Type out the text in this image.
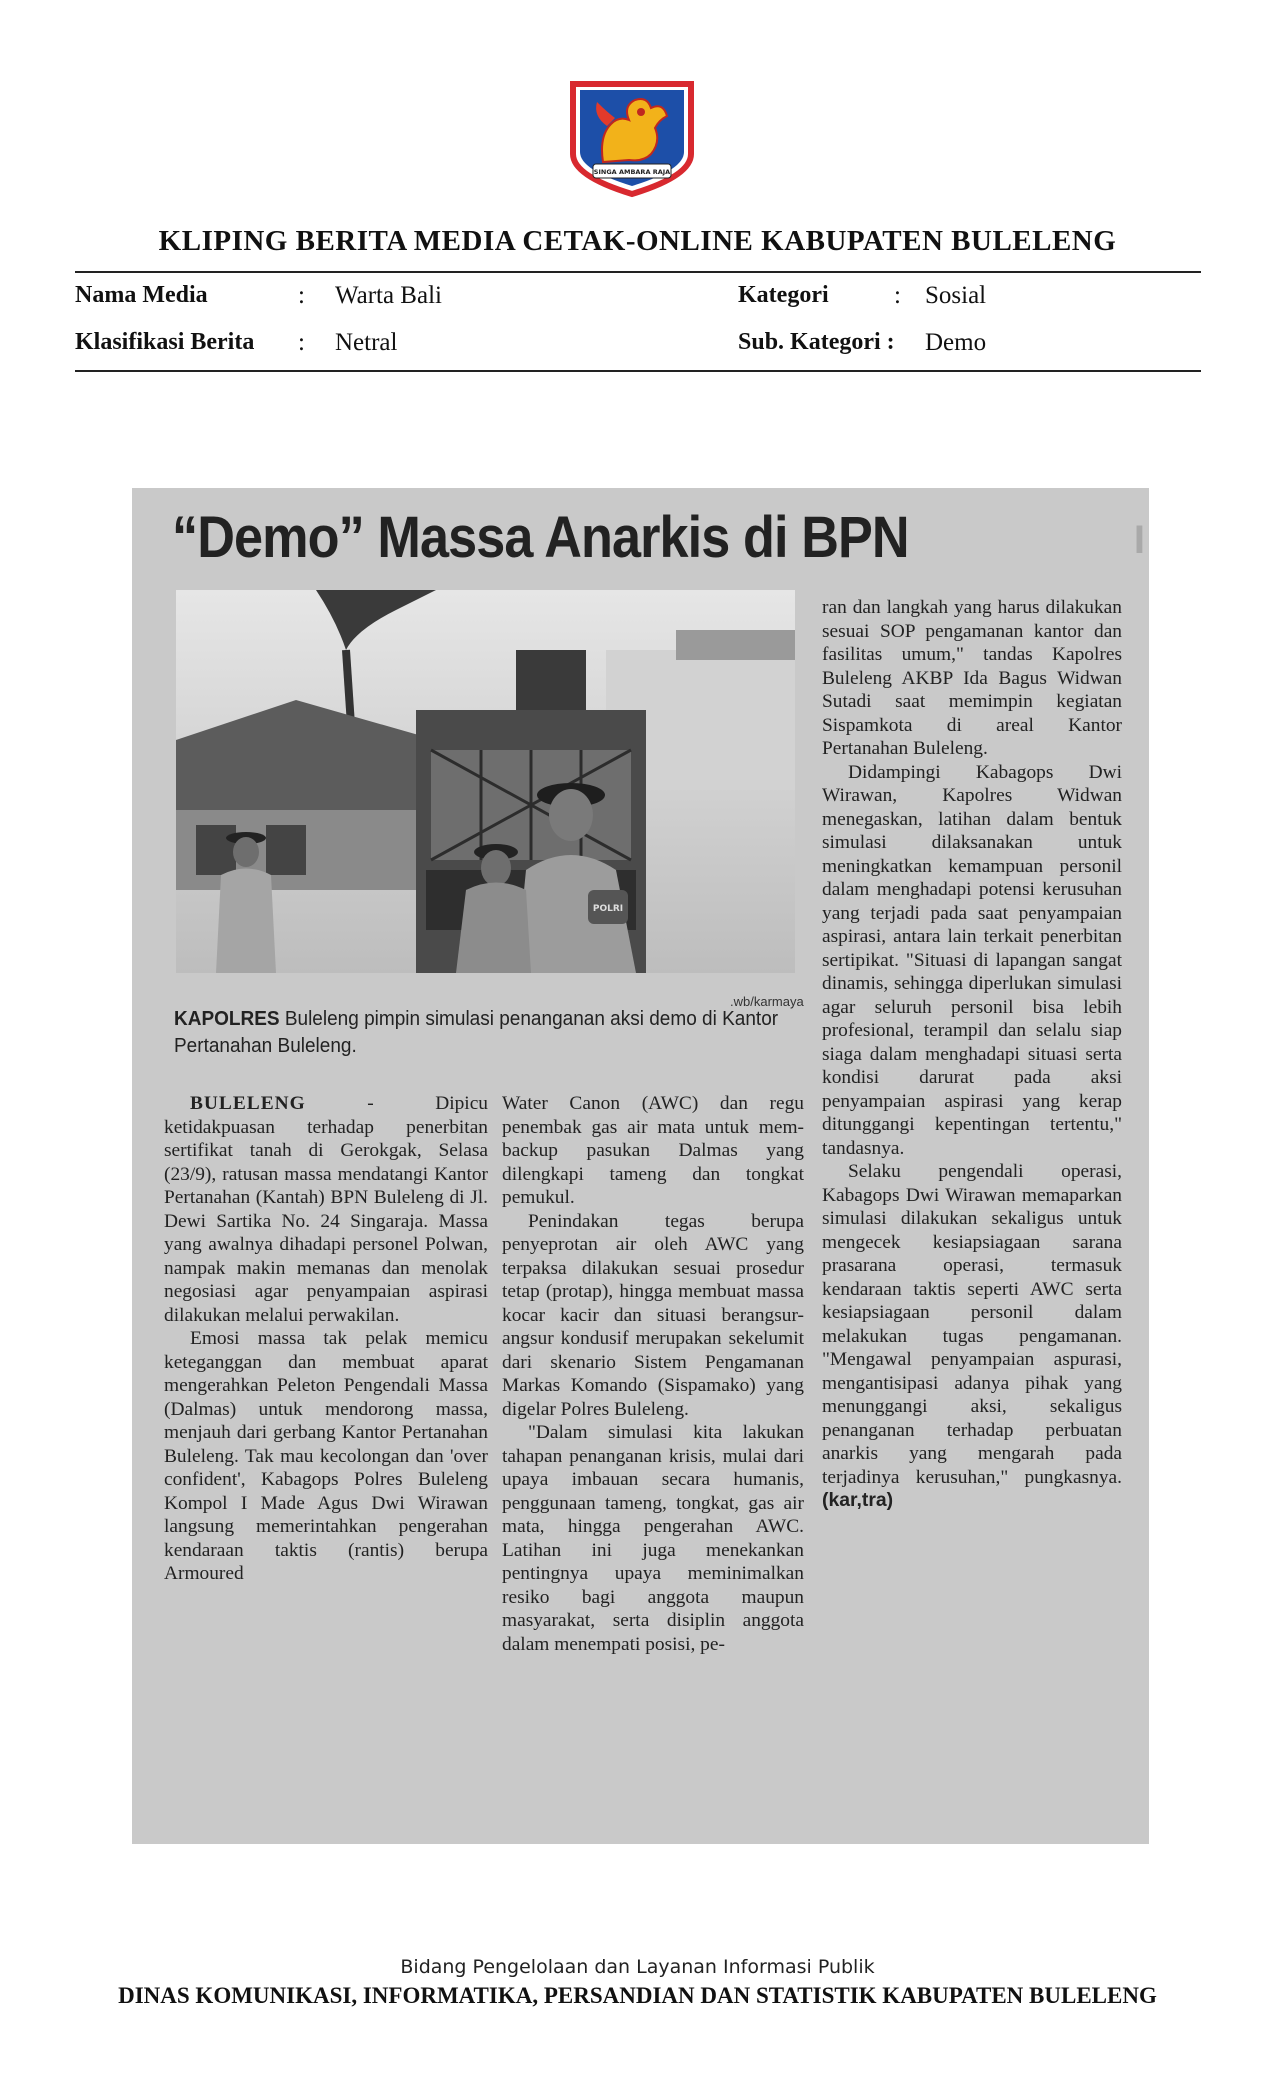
SINGA AMBARA RAJA
KLIPING BERITA MEDIA CETAK-ONLINE KABUPATEN BULELENG
Nama Media	: Warta Bali	Kategori	: Sosial
Klasifikasi Berita : Netral	Sub. Kategori : Demo
I
“Demo” Massa Anarkis di BPN
POLRI
.wb/karmaya
KAPOLRES Buleleng pimpin simulasi penanganan aksi demo di Kantor Pertanahan Buleleng.

BULELENG - Dipicu ketidakpuasan terhadap penerbitan sertifikat tanah di Gerokgak, Selasa (23/9), ratusan massa mendatangi Kantor Pertanahan (Kantah) BPN Buleleng di Jl. Dewi Sartika No. 24 Singaraja. Massa yang awalnya dihadapi personel Polwan, nampak makin memanas dan menolak negosiasi agar penyampaian aspirasi dilakukan melalui perwakilan.

Emosi massa tak pelak memicu keteganggan dan membuat aparat mengerahkan Peleton Pengendali Massa (Dalmas) untuk mendorong massa, menjauh dari gerbang Kantor Pertanahan Buleleng. Tak mau kecolongan dan 'over confident', Kabagops Polres Buleleng Kompol I Made Agus Dwi Wirawan langsung memerintahkan pengerahan kendaraan taktis (rantis) berupa Armoured

Water Canon (AWC) dan regu penembak gas air mata untuk mem-backup pasukan Dalmas yang dilengkapi tameng dan tongkat pemukul.

Penindakan tegas berupa penyeprotan air oleh AWC yang terpaksa dilakukan sesuai prosedur tetap (protap), hingga membuat massa kocar kacir dan situasi berangsur-angsur kondusif merupakan sekelumit dari skenario Sistem Pengamanan Markas Komando (Sispamako) yang digelar Polres Buleleng.

"Dalam simulasi kita lakukan tahapan penanganan krisis, mulai dari upaya imbauan secara humanis, penggunaan tameng, tongkat, gas air mata, hingga pengerahan AWC. Latihan ini juga menekankan pentingnya upaya meminimalkan resiko bagi anggota maupun masyarakat, serta disiplin anggota dalam menempati posisi, pe-

ran dan langkah yang harus dilakukan sesuai SOP pengamanan kantor dan fasilitas umum," tandas Kapolres Buleleng AKBP Ida Bagus Widwan Sutadi saat memimpin kegiatan Sispamkota di areal Kantor Pertanahan Buleleng.

Didampingi Kabagops Dwi Wirawan, Kapolres Widwan menegaskan, latihan dalam bentuk simulasi dilaksanakan untuk meningkatkan kemampuan personil dalam menghadapi potensi kerusuhan yang terjadi pada saat penyampaian aspirasi, antara lain terkait penerbitan sertipikat. "Situasi di lapangan sangat dinamis, sehingga diperlukan simulasi agar seluruh personil bisa lebih profesional, terampil dan selalu siap siaga dalam menghadapi situasi serta kondisi darurat pada aksi penyampaian aspirasi yang kerap ditunggangi kepentingan tertentu," tandasnya.

Selaku pengendali operasi, Kabagops Dwi Wirawan memaparkan simulasi dilakukan sekaligus untuk mengecek kesiapsiagaan sarana prasarana operasi, termasuk kendaraan taktis seperti AWC serta kesiapsiagaan personil dalam melakukan tugas pengamanan. "Mengawal penyampaian aspurasi, mengantisipasi adanya pihak yang menunggangi aksi, sekaligus penanganan terhadap perbuatan anarkis yang mengarah pada terjadinya kerusuhan," pungkasnya. (kar,tra)

Bidang Pengelolaan dan Layanan Informasi Publik
DINAS KOMUNIKASI, INFORMATIKA, PERSANDIAN DAN STATISTIK KABUPATEN BULELENG
